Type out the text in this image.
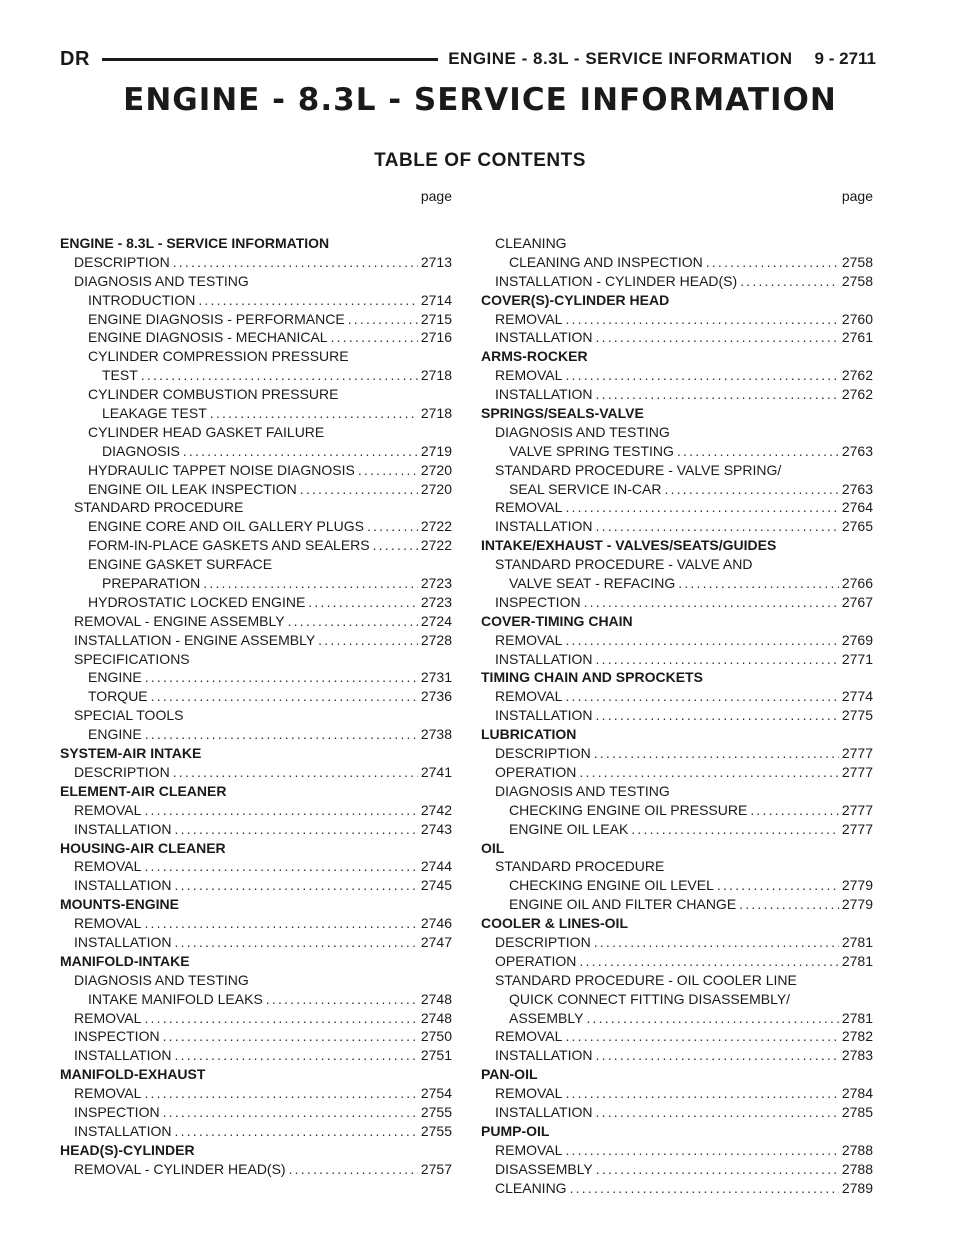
DR	ENGINE - 8.3L - SERVICE INFORMATION 9 - 2711
ENGINE - 8.3L - SERVICE INFORMATION
TABLE OF CONTENTS
page
ENGINE - 8.3L - SERVICE INFORMATION
DESCRIPTION .....	2713
DIAGNOSIS AND TESTING
INTRODUCTION .....	2714
ENGINE DIAGNOSIS - PERFORMANCE .....	2715
ENGINE DIAGNOSIS - MECHANICAL .....	2716
CYLINDER COMPRESSION PRESSURE
TEST .....	2718
CYLINDER COMBUSTION PRESSURE
LEAKAGE TEST .....	2718
CYLINDER HEAD GASKET FAILURE
DIAGNOSIS .....	2719
HYDRAULIC TAPPET NOISE DIAGNOSIS .....	2720
ENGINE OIL LEAK INSPECTION .....	2720
STANDARD PROCEDURE
ENGINE CORE AND OIL GALLERY PLUGS .....	2722
FORM-IN-PLACE GASKETS AND SEALERS .....	2722
ENGINE GASKET SURFACE
PREPARATION .....	2723
HYDROSTATIC LOCKED ENGINE .....	2723
REMOVAL - ENGINE ASSEMBLY .....	2724
INSTALLATION - ENGINE ASSEMBLY .....	2728
SPECIFICATIONS
ENGINE .....	2731
TORQUE .....	2736
SPECIAL TOOLS
ENGINE .....	2738
SYSTEM-AIR INTAKE
DESCRIPTION .....	2741
ELEMENT-AIR CLEANER
REMOVAL .....	2742
INSTALLATION .....	2743
HOUSING-AIR CLEANER
REMOVAL .....	2744
INSTALLATION .....	2745
MOUNTS-ENGINE
REMOVAL .....	2746
INSTALLATION .....	2747
MANIFOLD-INTAKE
DIAGNOSIS AND TESTING
INTAKE MANIFOLD LEAKS .....	2748
REMOVAL .....	2748
INSPECTION .....	2750
INSTALLATION .....	2751
MANIFOLD-EXHAUST
REMOVAL .....	2754
INSPECTION .....	2755
INSTALLATION .....	2755
HEAD(S)-CYLINDER
REMOVAL - CYLINDER HEAD(S) .....	2757
page
CLEANING
CLEANING AND INSPECTION .....	2758
INSTALLATION - CYLINDER HEAD(S) .....	2758
COVER(S)-CYLINDER HEAD
REMOVAL .....	2760
INSTALLATION .....	2761
ARMS-ROCKER
REMOVAL .....	2762
INSTALLATION .....	2762
SPRINGS/SEALS-VALVE
DIAGNOSIS AND TESTING
VALVE SPRING TESTING .....	2763
STANDARD PROCEDURE - VALVE SPRING/
SEAL SERVICE IN-CAR .....	2763
REMOVAL .....	2764
INSTALLATION .....	2765
INTAKE/EXHAUST - VALVES/SEATS/GUIDES
STANDARD PROCEDURE - VALVE AND
VALVE SEAT - REFACING .....	2766
INSPECTION .....	2767
COVER-TIMING CHAIN
REMOVAL .....	2769
INSTALLATION .....	2771
TIMING CHAIN AND SPROCKETS
REMOVAL .....	2774
INSTALLATION .....	2775
LUBRICATION
DESCRIPTION .....	2777
OPERATION .....	2777
DIAGNOSIS AND TESTING
CHECKING ENGINE OIL PRESSURE .....	2777
ENGINE OIL LEAK .....	2777
OIL
STANDARD PROCEDURE
CHECKING ENGINE OIL LEVEL .....	2779
ENGINE OIL AND FILTER CHANGE .....	2779
COOLER & LINES-OIL
DESCRIPTION .....	2781
OPERATION .....	2781
STANDARD PROCEDURE - OIL COOLER LINE
QUICK CONNECT FITTING DISASSEMBLY/
ASSEMBLY .....	2781
REMOVAL .....	2782
INSTALLATION .....	2783
PAN-OIL
REMOVAL .....	2784
INSTALLATION .....	2785
PUMP-OIL
REMOVAL .....	2788
DISASSEMBLY .....	2788
CLEANING .....	2789
